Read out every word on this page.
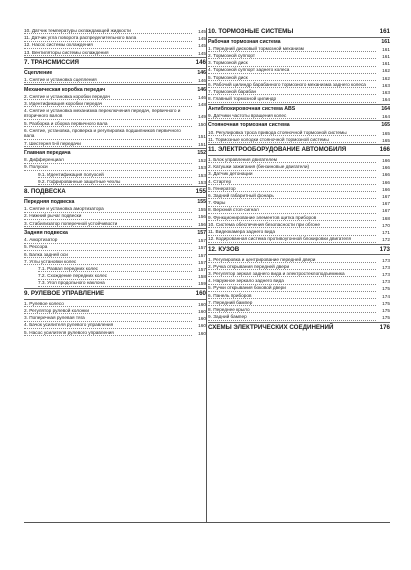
10. Датчик температуры охлаждающей жидкости	145
11. Датчик угла поворота распределительного вала	145
12. Насос системы охлаждения	145
13. Вентиляторы системы охлаждения	145
7. ТРАНСМИССИЯ	146
Сцепление	146
1. Снятие и установка сцепления	146
Механическая коробка передач	146
2. Снятие и установка коробки передач	146
3. Идентификация коробки передач	148
4. Снятие и установка механизма переключения передач, первичного и вторичного валов	149
5. Разборка и сборка первичного вала	150
6. Снятие, установка, проверка и регулировка подшипников первичного вала	151
7. Шестерня 5-й передачи	151
Главная передача	152
8. Дифференциал	152
9. Полуоси	153
9.1. Идентификация полуосей	153
9.2. Гофрированные защитные чехлы	153
8. ПОДВЕСКА	155
Передняя подвеска	155
1. Снятие и установка амортизатора	155
2. Нижний рычаг подвески	156
3. Стабилизатор поперечной устойчивости	156
Задняя подвеска	157
4. Амортизатор	157
5. Рессора	157
6. Балка задней оси	157
7. Углы установки колес	157
7.1. Развал передних колес	157
7.2. Схождение передних колес	158
7.3. Угол продольного наклона	159
9. РУЛЕВОЕ УПРАВЛЕНИЕ	160
1. Рулевое колесо	160
2. Регулятор рулевой колонки	160
3. Поперечная рулевая тяга	160
4. Бачок усилителя рулевого управления	160
5. Насос усилителя рулевого управления	160
10. ТОРМОЗНЫЕ СИСТЕМЫ	161
Рабочая тормозная система	161
1. Передний дисковый тормозной механизм	161
2. Тормозной суппорт	161
3. Тормозной диск	161
4. Тормозной суппорт заднего колеса	162
5. Тормозной диск	162
6. Рабочий цилиндр барабанного тормозного механизма заднего колеса	163
7. Тормозной барабан	163
8. Главный тормозной цилиндр	164
Антиблокировочная система ABS	164
9. Датчики частоты вращения колес	164
Стояночная тормозная система	165
10. Регулировка троса привода стояночной тормозной системы	165
11. Тормозные колодки стояночной тормозной системы	165
11. ЭЛЕКТРООБОРУДОВАНИЕ АВТОМОБИЛЯ	166
1. Блок управления двигателем	166
2. Катушки зажигания (бензиновые двигатели)	166
3. Датчик детонации	166
4. Стартер	166
5. Генератор	166
6. Задний габаритный фонарь	167
7. Фары	167
8. Верхний стоп-сигнал	167
9. Функционирование элементов щитка приборов	168
10. Система обеспечения безопасности при обгоне	170
11. Видеокамера заднего вида	171
12. Кодированная система противоугонной блокировки двигателя	172
12. КУЗОВ	173
1. Регулировка и центрирование передней двери	173
2. Ручка открывания передней двери	173
3. Регулятор зеркал заднего вида и электростеклоподъемника	173
4. Наружное зеркало заднего вида	173
5. Ручки открывания боковой двери	175
6. Панель приборов	174
7. Передний бампер	175
8. Переднее крыло	175
9. Задний бампер	175
СХЕМЫ ЭЛЕКТРИЧЕСКИХ СОЕДИНЕНИЙ	176
